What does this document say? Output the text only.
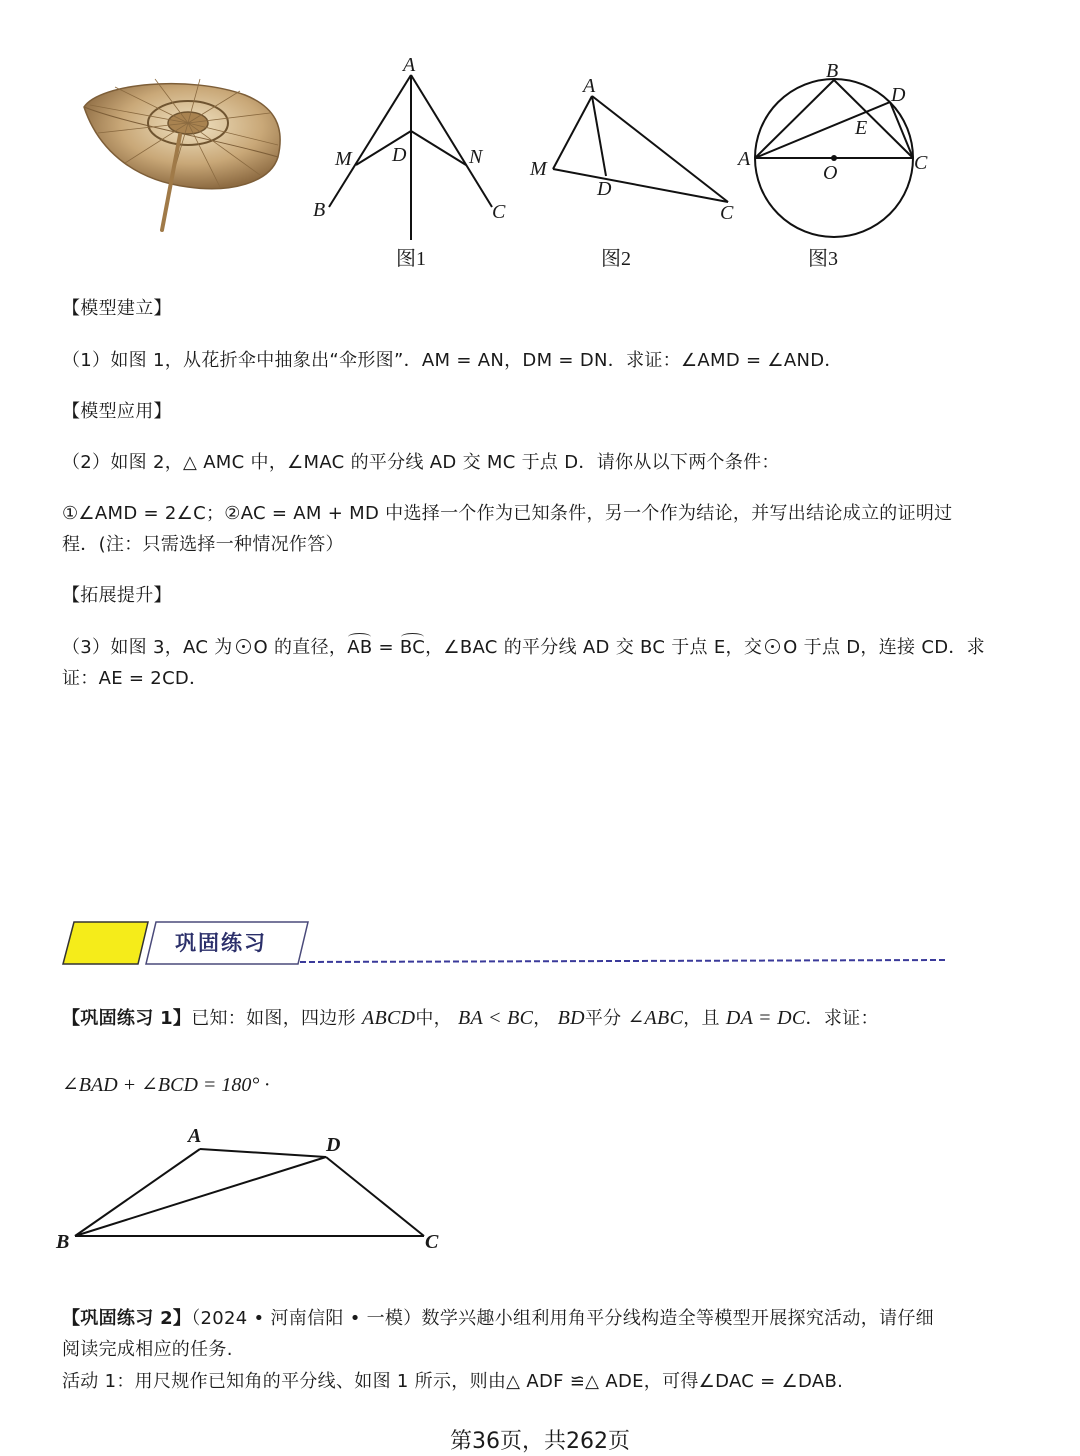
A
M D	N
B	C
图1
A
M
D
C
图2
B
D
E
A
O	C
图3
【模型建立】
（1）如图 1，从花折伞中抽象出“伞形图”．AM = AN，DM = DN．求证：∠AMD = ∠AND．
【模型应用】
（2）如图 2，△ AMC 中，∠MAC 的平分线 AD 交 MC 于点 D．请你从以下两个条件：
①∠AMD = 2∠C；②AC = AM + MD 中选择一个作为已知条件，另一个作为结论，并写出结论成立的证明过
程．(注：只需选择一种情况作答）
【拓展提升】
（3）如图 3，AC 为 O 的直径，AB = BC，∠BAC 的平分线 AD 交 BC 于点 E，交 O 于点 D，连接 CD．求
证：AE = 2CD．
巩固练习
【巩固练习 1】已知：如图，四边形 ABCD中， BA < BC， BD平分 ∠ABC，且 DA = DC．求证：
∠BAD + ∠BCD = 180° ·
A	D
B	C
【巩固练习 2】（2024 • 河南信阳 • 一模）数学兴趣小组利用角平分线构造全等模型开展探究活动，请仔细
阅读完成相应的任务.
活动 1：用尺规作已知角的平分线、如图 1 所示，则由△ ADF ≌△ ADE，可得∠DAC = ∠DAB.
第36页，共262页
